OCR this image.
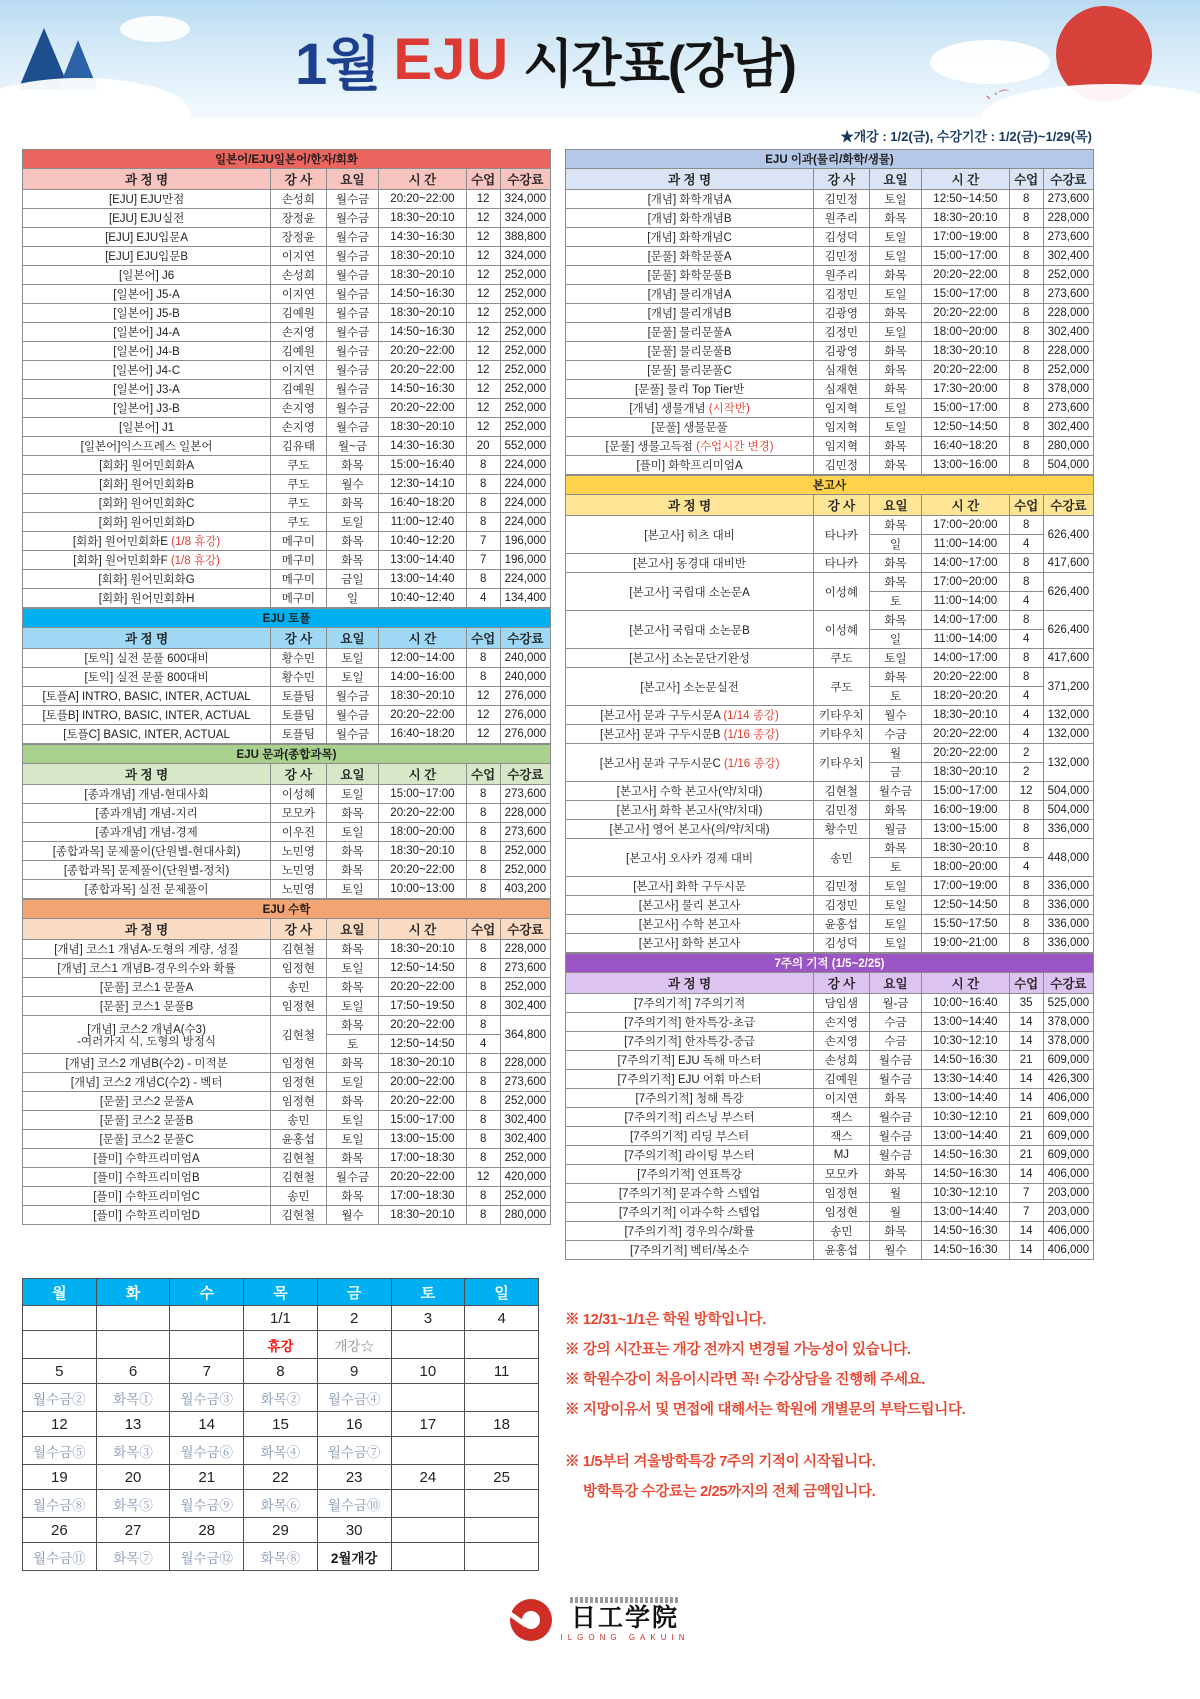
ヽ'⌒
1월 EJU 시간표(강남)
★개강 : 1/2(금), 수강기간 : 1/2(금)~1/29(목)
일본어/EJU일본어/한자/회화					
과 정 명	강 사	요일	시 간	수업	수강료
[EJU] EJU만점	손성희	월수금	20:20~22:00	12	324,000
[EJU] EJU실전	장정윤	월수금	18:30~20:10	12	324,000
[EJU] EJU입문A	장정윤	월수금	14:30~16:30	12	388,800
[EJU] EJU입문B	이지연	월수금	18:30~20:10	12	324,000
[일본어] J6	손성희	월수금	18:30~20:10	12	252,000
[일본어] J5-A	이지연	월수금	14:50~16:30	12	252,000
[일본어] J5-B	김예원	월수금	18:30~20:10	12	252,000
[일본어] J4-A	손지영	월수금	14:50~16:30	12	252,000
[일본어] J4-B	김예원	월수금	20:20~22:00	12	252,000
[일본어] J4-C	이지연	월수금	20:20~22:00	12	252,000
[일본어] J3-A	김예원	월수금	14:50~16:30	12	252,000
[일본어] J3-B	손지영	월수금	20:20~22:00	12	252,000
[일본어] J1	손지영	월수금	18:30~20:10	12	252,000
[일본어]익스프레스 일본어	김유태	월~금	14:30~16:30	20	552,000
[회화] 원어민회화A	쿠도	화목	15:00~16:40	8	224,000
[회화] 원어민회화B	쿠도	월수	12:30~14:10	8	224,000
[회화] 원어민회화C	쿠도	화목	16:40~18:20	8	224,000
[회화] 원어민회화D	쿠도	토일	11:00~12:40	8	224,000
[회화] 원어민회화E (1/8 휴강)	메구미	화목	10:40~12:20	7	196,000
[회화] 원어민회화F (1/8 휴강)	메구미	화목	13:00~14:40	7	196,000
[회화] 원어민회화G	메구미	금일	13:00~14:40	8	224,000
[회화] 원어민회화H	메구미	일	10:40~12:40	4	134,400
EJU 토플					
과 정 명	강 사	요일	시 간	수업	수강료
[토익] 실전 문풀 600대비	황수민	토일	12:00~14:00	8	240,000
[토익] 실전 문풀 800대비	황수민	토일	14:00~16:00	8	240,000
[토플A] INTRO, BASIC, INTER, ACTUAL	토플팀	월수금	18:30~20:10	12	276,000
[토플B] INTRO, BASIC, INTER, ACTUAL	토플팀	월수금	20:20~22:00	12	276,000
[토플C] BASIC, INTER, ACTUAL	토플팀	월수금	16:40~18:20	12	276,000
EJU 문과(종합과목)					
과 정 명	강 사	요일	시 간	수업	수강료
[종과개념] 개념-현대사회	이성혜	토일	15:00~17:00	8	273,600
[종과개념] 개념-지리	모모카	화목	20:20~22:00	8	228,000
[종과개념] 개념-경제	이우진	토일	18:00~20:00	8	273,600
[종합과목] 문제풀이(단원별-현대사회)	노민영	화목	18:30~20:10	8	252,000
[종합과목] 문제풀이(단원별-정치)	노민영	화목	20:20~22:00	8	252,000
[종합과목] 실전 문제풀이	노민영	토일	10:00~13:00	8	403,200
EJU 수학					
과 정 명	강 사	요일	시 간	수업	수강료
[개념] 코스1 개념A-도형의 계량, 성질	김현철	화목	18:30~20:10	8	228,000
[개념] 코스1 개념B-경우의수와 확률	임정현	토일	12:50~14:50	8	273,600
[문풀] 코스1 문풀A	송민	화목	20:20~22:00	8	252,000
[문풀] 코스1 문풀B	임정현	토일	17:50~19:50	8	302,400
[개념] 코스2 개념A(수3)
-여러가지 식, 도형의 방정식	김현철	화목	20:20~22:00	8	364,800
		토	12:50~14:50	4	
[개념] 코스2 개념B(수2) - 미적분	임정현	화목	18:30~20:10	8	228,000
[개념] 코스2 개념C(수2) - 벡터	임정현	토일	20:00~22:00	8	273,600
[문풀] 코스2 문풀A	임정현	화목	20:20~22:00	8	252,000
[문풀] 코스2 문풀B	송민	토일	15:00~17:00	8	302,400
[문풀] 코스2 문풀C	윤홍섭	토일	13:00~15:00	8	302,400
[플미] 수학프리미엄A	김현철	화목	17:00~18:30	8	252,000
[플미] 수학프리미엄B	김현철	월수금	20:20~22:00	12	420,000
[플미] 수학프리미엄C	송민	화목	17:00~18:30	8	252,000
[플미] 수학프리미엄D	김현철	월수	18:30~20:10	8	280,000
EJU 이과(물리/화학/생물)					
과 정 명	강 사	요일	시 간	수업	수강료
[개념] 화학개념A	김민정	토일	12:50~14:50	8	273,600
[개념] 화학개념B	원주리	화목	18:30~20:10	8	228,000
[개념] 화학개념C	김성덕	토일	17:00~19:00	8	273,600
[문풀] 화학문풀A	김민정	토일	15:00~17:00	8	302,400
[문풀] 화학문풀B	원주리	화목	20:20~22:00	8	252,000
[개념] 물리개념A	김정민	토일	15:00~17:00	8	273,600
[개념] 물리개념B	김광영	화목	20:20~22:00	8	228,000
[문풀] 물리문풀A	김정민	토일	18:00~20:00	8	302,400
[문풀] 물리문풀B	김광영	화목	18:30~20:10	8	228,000
[문풀] 물리문풀C	심재현	화목	20:20~22:00	8	252,000
[문풀] 물리 Top Tier반	심재현	화목	17:30~20:00	8	378,000
[개념] 생물개념 (시작반)	임지혁	토일	15:00~17:00	8	273,600
[문풀] 생물문풀	임지혁	토일	12:50~14:50	8	302,400
[문풀] 생물고득점 (수업시간 변경)	임지혁	화목	16:40~18:20	8	280,000
[플미] 화학프리미엄A	김민정	화목	13:00~16:00	8	504,000
본고사					
과 정 명	강 사	요일	시 간	수업	수강료
[본고사] 히츠 대비	타나카	화목	17:00~20:00	8	626,400
		일	11:00~14:00	4	
[본고사] 동경대 대비반	타나카	화목	14:00~17:00	8	417,600
[본고사] 국립대 소논문A	이성혜	화목	17:00~20:00	8	626,400
		토	11:00~14:00	4	
[본고사] 국립대 소논문B	이성혜	화목	14:00~17:00	8	626,400
		일	11:00~14:00	4	
[본고사] 소논문단기완성	쿠도	토일	14:00~17:00	8	417,600
[본고사] 소논문실전	쿠도	화목	20:20~22:00	8	371,200
		토	18:20~20:20	4	
[본고사] 문과 구두시문A (1/14 종강)	키타우치	월수	18:30~20:10	4	132,000
[본고사] 문과 구두시문B (1/16 종강)	키타우치	수금	20:20~22:00	4	132,000
[본고사] 문과 구두시문C (1/16 종강)	키타우치	월	20:20~22:00	2	132,000
		금	18:30~20:10	2	
[본고사] 수학 본고사(약/치대)	김현철	월수금	15:00~17:00	12	504,000
[본고사] 화학 본고사(약/치대)	김민정	화목	16:00~19:00	8	504,000
[본고사] 영어 본고사(의/약/치대)	황수민	월금	13:00~15:00	8	336,000
[본고사] 오사카 경제 대비	송민	화목	18:30~20:10	8	448,000
		토	18:00~20:00	4	
[본고사] 화학 구두시문	김민정	토일	17:00~19:00	8	336,000
[본고사] 물리 본고사	김정민	토일	12:50~14:50	8	336,000
[본고사] 수학 본고사	윤홍섭	토일	15:50~17:50	8	336,000
[본고사] 화학 본고사	김성덕	토일	19:00~21:00	8	336,000
7주의 기적 (1/5~2/25)					
과 정 명	강 사	요일	시 간	수업	수강료
[7주의기적] 7주의기적	담임샘	월-금	10:00~16:40	35	525,000
[7주의기적] 한자특강-초급	손지영	수금	13:00~14:40	14	378,000
[7주의기적] 한자특강-중급	손지영	수금	10:30~12:10	14	378,000
[7주의기적] EJU 독해 마스터	손성희	월수금	14:50~16:30	21	609,000
[7주의기적] EJU 어휘 마스터	김예원	월수금	13:30~14:40	14	426,300
[7주의기적] 청해 특강	이지연	화목	13:00~14:40	14	406,000
[7주의기적] 리스닝 부스터	잭스	월수금	10:30~12:10	21	609,000
[7주의기적] 리딩 부스터	잭스	월수금	13:00~14:40	21	609,000
[7주의기적] 라이팅 부스터	MJ	월수금	14:50~16:30	21	609,000
[7주의기적] 연표특강	모모카	화목	14:50~16:30	14	406,000
[7주의기적] 문과수학 스텝업	임정현	월	10:30~12:10	7	203,000
[7주의기적] 이과수학 스텝업	임정현	월	13:00~14:40	7	203,000
[7주의기적] 경우의수/확률	송민	화목	14:50~16:30	14	406,000
[7주의기적] 벡터/복소수	윤홍섭	월수	14:50~16:30	14	406,000
월	화	수	목	금	토	일
			1/1	2	3	4
			휴강	개강☆	토일①	토일②
5	6	7	8	9	10	11
월수금②	화목①	월수금③	화목②	월수금④	토일③	토일④
12	13	14	15	16	17	18
월수금⑤	화목③	월수금⑥	화목④	월수금⑦	토일⑤	토일⑥
19	20	21	22	23	24	25
월수금⑧	화목⑤	월수금⑨	화목⑥	월수금⑩	토일⑦	토일⑧
26	27	28	29	30		
월수금⑪	화목⑦	월수금⑫	화목⑧	2월개강		
※ 12/31~1/1은 학원 방학입니다.
※ 강의 시간표는 개강 전까지 변경될 가능성이 있습니다.
※ 학원수강이 처음이시라면 꼭! 수강상담을 진행해 주세요.
※ 지망이유서 및 면접에 대해서는 학원에 개별문의 부탁드립니다.
※ 1/5부터 겨울방학특강 7주의 기적이 시작됩니다.
방학특강 수강료는 2/25까지의 전체 금액입니다.
日工学院
ILGONG GAKUIN
